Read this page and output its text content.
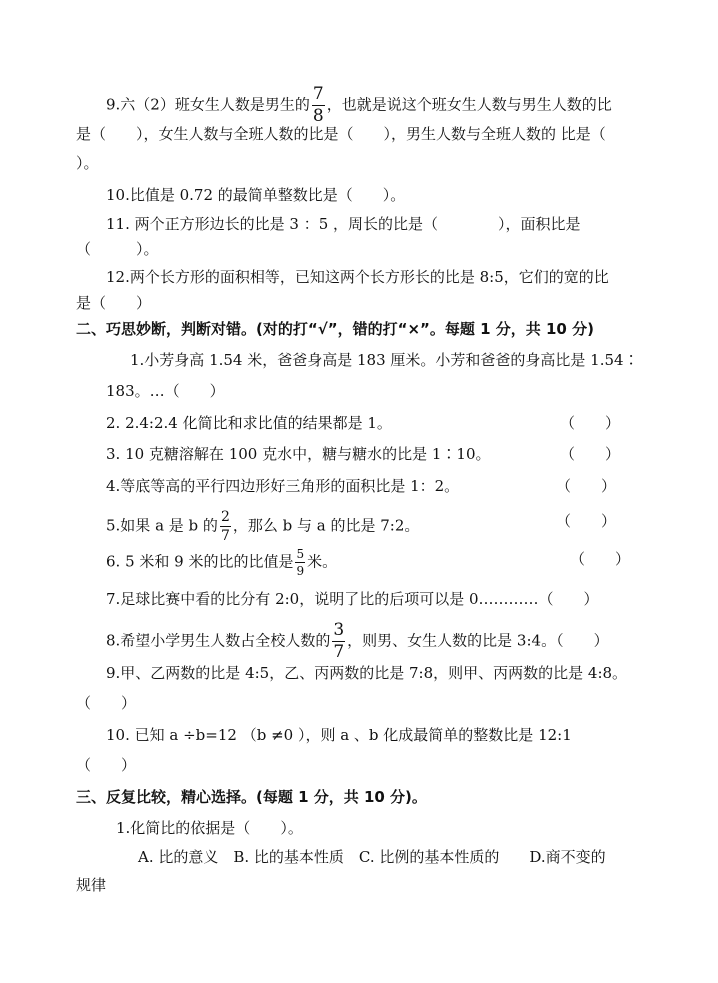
9.六（2）班女生人数是男生的 $\frac{7}{8}$ ，也就是说这个班女生人数与男生人数的比
是（　　），女生人数与全班人数的比是（　　），男生人数与全班人数的 比是（
）。
10.比值是 0.72 的最简单整数比是（　　）。
11. 两个正方形边长的比是 3 ：5 ，周长的比是（　　　　），面积比是
（　　　）。
12.两个长方形的面积相等，已知这两个长方形长的比是 8:5，它们的宽的比
是（　　）
二、巧思妙断，判断对错。(对的打“√”，错的打“×”。每题 1 分，共 10 分)
1.小芳身高 1.54 米，爸爸身高是 183 厘米。小芳和爸爸的身高比是 1.54∶
183。…（　　）
2. 2.4:2.4 化简比和求比值的结果都是 1。	（　　）
3. 10 克糖溶解在 100 克水中，糖与糖水的比是 1∶10。	（　　）
4.等底等高的平行四边形好三角形的面积比是 1：2。	（　　）
5.如果 a 是 b 的 $\frac{2}{7}$ ，那么 b 与 a 的比是 7:2。	（　　）
6. 5 米和 9 米的比的比值是 $\frac{5}{9}$ 米。	（　　）
7.足球比赛中看的比分有 2:0，说明了比的后项可以是 0…………（　　）
8.希望小学男生人数占全校人数的 $\frac{3}{7}$ ，则男、女生人数的比是 3:4。（　　）
9.甲、乙两数的比是 4:5，乙、丙两数的比是 7:8，则甲、丙两数的比是 4:8。
（　　）
10. 已知 a ÷b=12 （b ≠0 ），则 a 、b 化成最简单的整数比是 12:1
（　　）
三、反复比较，精心选择。(每题 1 分，共 10 分)。
1.化简比的依据是（　　）。
A. 比的意义　B. 比的基本性质　C. 比例的基本性质的　　D.商不变的
规律
